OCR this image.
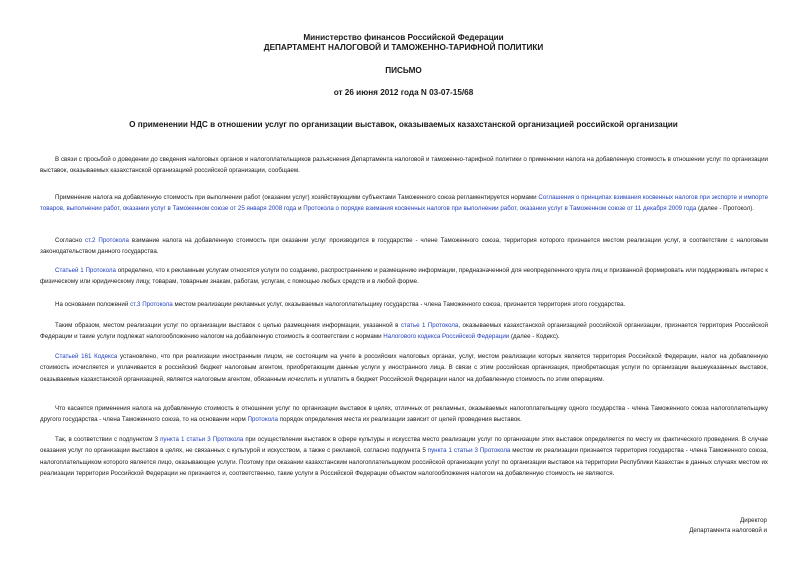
Министерство финансов Российской Федерации
ДЕПАРТАМЕНТ НАЛОГОВОЙ И ТАМОЖЕННО-ТАРИФНОЙ ПОЛИТИКИ
ПИСЬМО
от 26 июня 2012 года N 03-07-15/68
О применении НДС в отношении услуг по организации выставок, оказываемых казахстанской организацией российской организации
В связи с просьбой о доведении до сведения налоговых органов и налогоплательщиков разъяснения Департамента налоговой и таможенно-тарифной политики о применении налога на добавленную стоимость в отношении услуг по организации выставок, оказываемых казахстанской организацией российской организации, сообщаем.
Применение налога на добавленную стоимость при выполнении работ (оказании услуг) хозяйствующими субъектами Таможенного союза регламентируется нормами Соглашения о принципах взимания косвенных налогов при экспорте и импорте товаров, выполнении работ, оказании услуг в Таможенном союзе от 25 января 2008 года и Протокола о порядке взимания косвенных налогов при выполнении работ, оказании услуг в Таможенном союзе от 11 декабря 2009 года (далее - Протокол).
Согласно ст.2 Протокола взимание налога на добавленную стоимость при оказании услуг производится в государстве - члене Таможенного союза, территория которого признается местом реализации услуг, в соответствии с налоговым законодательством данного государства.
Статьей 1 Протокола определено, что к рекламным услугам относятся услуги по созданию, распространению и размещению информации, предназначенной для неопределенного круга лиц и призванной формировать или поддерживать интерес к физическому или юридическому лицу, товарам, товарным знакам, работам, услугам, с помощью любых средств и в любой форме.
На основании положений ст.3 Протокола местом реализации рекламных услуг, оказываемых налогоплательщику государства - члена Таможенного союза, признается территория этого государства.
Таким образом, местом реализации услуг по организации выставок с целью размещения информации, указанной в статье 1 Протокола, оказываемых казахстанской организацией российской организации, признается территория Российской Федерации и такие услуги подлежат налогообложению налогом на добавленную стоимость в соответствии с нормами Налогового кодекса Российской Федерации (далее - Кодекс).
Статьей 161 Кодекса установлено, что при реализации иностранным лицом, не состоящим на учете в российских налоговых органах, услуг, местом реализации которых является территория Российской Федерации, налог на добавленную стоимость исчисляется и уплачивается в российский бюджет налоговым агентом, приобретающим данные услуги у иностранного лица. В связи с этим российская организация, приобретающая услуги по организации вышеуказанных выставок, оказываемые казахстанской организацией, является налоговым агентом, обязанным исчислить и уплатить в бюджет Российской Федерации налог на добавленную стоимость по этим операциям.
Что касается применения налога на добавленную стоимость в отношении услуг по организации выставок в целях, отличных от рекламных, оказываемых налогоплательщику одного государства - члена Таможенного союза налогоплательщику другого государства - члена Таможенного союза, то на основании норм Протокола порядок определения места их реализации зависит от целей проведения выставок.
Так, в соответствии с подпунктом 3 пункта 1 статьи 3 Протокола при осуществлении выставок в сфере культуры и искусства место реализации услуг по организации этих выставок определяется по месту их фактического проведения. В случае оказания услуг по организации выставок в целях, не связанных с культурой и искусством, а также с рекламой, согласно подпункта 5 пункта 1 статьи 3 Протокола местом их реализации признается территория государства - члена Таможенного союза, налогоплательщиком которого является лицо, оказывающее услуги. Поэтому при оказании казахстанским налогоплательщиком российской организации услуг по организации выставок на территории Республики Казахстан в данных случаях местом их реализации территория Российской Федерации не признается и, соответственно, такие услуги в Российской Федерации объектом налогообложения налогом на добавленную стоимость не являются.
Директор
Департамента налоговой и
